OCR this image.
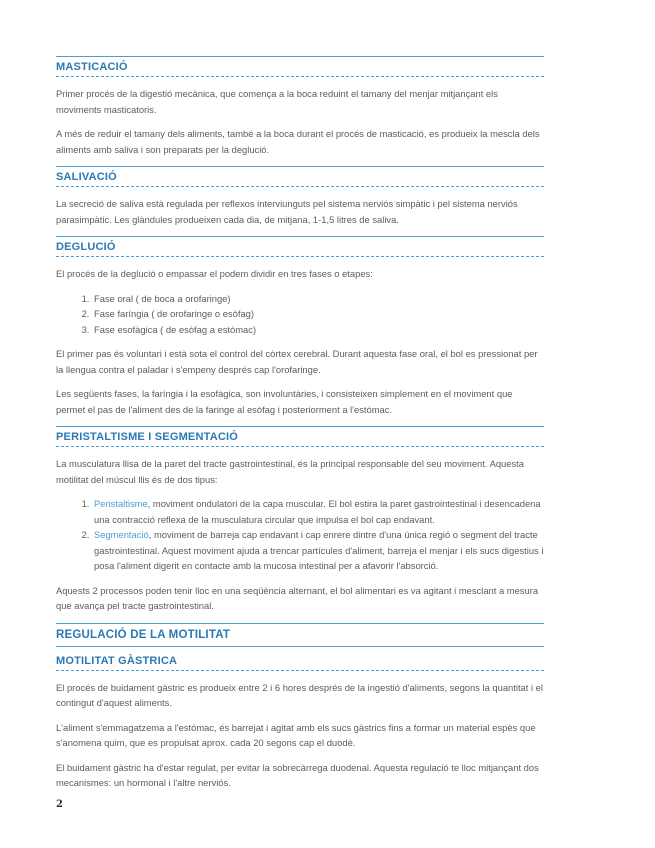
MASTICACIÓ

Primer procés de la digestió mecànica, que comença a la boca reduint el tamany del menjar mitjançant els moviments masticatoris.

A més de reduir el tamany dels aliments, també a la boca durant el procés de masticació, es produeix la mescla dels aliments amb saliva i son preparats per la deglució.

SALIVACIÓ

La secreció de saliva està regulada per reflexos interviunguts pel sistema nerviós simpàtic i pel sistema nerviós parasimpàtic. Les glàndules produeixen cada dia, de mitjana, 1-1,5 litres de saliva.

DEGLUCIÓ

El procés de la deglució o empassar el podem dividir en tres fases o etapes:

1. Fase oral ( de boca a orofaringe)
2. Fase faríngia ( de orofaringe o esòfag)
3. Fase esofàgica ( de esòfag a estómac)

El primer pas és voluntari i està sota el control del còrtex cerebral. Durant aquesta fase oral, el bol es pressionat per la llengua contra el paladar i s'empeny després cap l'orofaringe.

Les següents fases, la faríngia i la esofàgica, son involuntàries, i consisteixen simplement en el moviment que permet el pas de l'aliment des de la faringe al esòfag i posteriorment a l'estómac.

PERISTALTISME I SEGMENTACIÓ

La musculatura llisa de la paret del tracte gastrointestinal, és la principal responsable del seu moviment. Aquesta motilitat del múscul llis és de dos tipus:

1. Peristaltisme, moviment ondulatori de la capa muscular. El bol estira la paret gastrointestinal i desencadena una contracció reflexa de la musculatura circular que impulsa el bol cap endavant.
2. Segmentació, moviment de barreja cap endavant i cap enrere dintre d'una única regió o segment del tracte gastrointestinal. Aquest moviment ajuda a trencar partícules d'aliment, barreja el menjar i els sucs digestius i posa l'aliment digerit en contacte amb la mucosa intestinal per a afavorir l'absorció.

Aquests 2 processos poden tenir lloc en una seqüència alternant, el bol alimentari es va agitant i mesclant a mesura que avança pel tracte gastrointestinal.

REGULACIÓ DE LA MOTILITAT
MOTILITAT GÀSTRICA

El procés de buidament gàstric es produeix entre 2 i 6 hores després de la ingestió d'aliments, segons la quantitat i el contingut d'aquest aliments.

L'aliment s'emmagatzema a l'estómac, és barrejat i agitat amb els sucs gàstrics fins a formar un material espès que s'anomena quim, que es propulsat aprox. cada 20 segons cap el duodè.

El buidament gàstric ha d'estar regulat, per evitar la sobrecàrrega duodenal. Aquesta regulació te lloc mitjançant dos mecanismes: un hormonal i l'altre nerviós.

2
